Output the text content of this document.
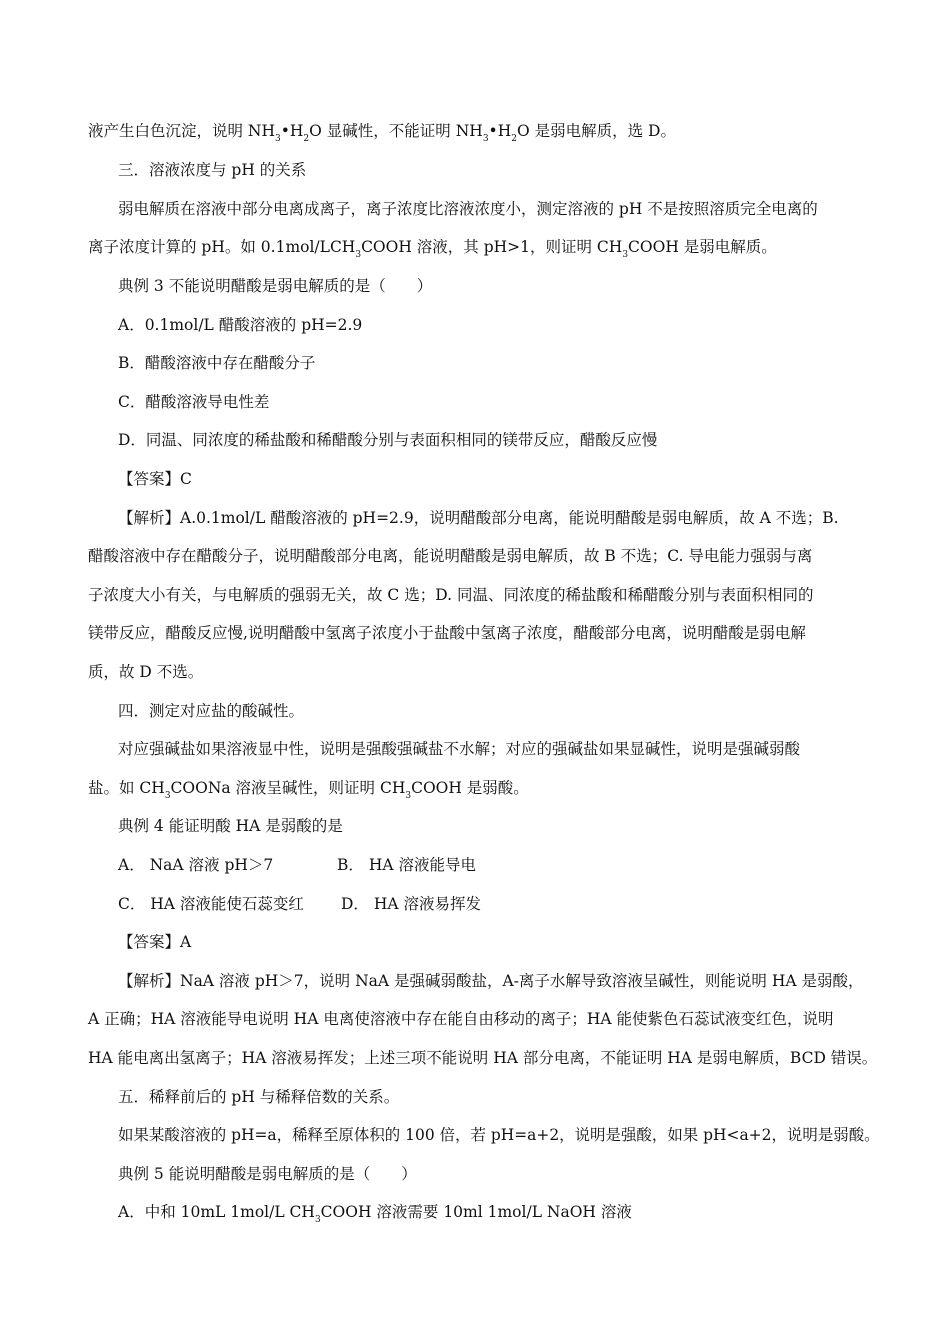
液产生白色沉淀，说明 $NH_3•H_2O$ 显碱性，不能证明 $NH_3•H_2O$ 是弱电解质，选 D。
三．溶液浓度与 pH 的关系
弱电解质在溶液中部分电离成离子，离子浓度比溶液浓度小，测定溶液的 pH 不是按照溶质完全电离的
离子浓度计算的 pH。如 $0.1mol/LCH_3COOH$ 溶液，其 pH>1，则证明 $CH_3COOH$ 是弱电解质。
典例 3 不能说明醋酸是弱电解质的是（　　）
A．0.1mol/L 醋酸溶液的 pH=2.9
B．醋酸溶液中存在醋酸分子
C．醋酸溶液导电性差
D．同温、同浓度的稀盐酸和稀醋酸分别与表面积相同的镁带反应，醋酸反应慢
【答案】C
【解析】A.0.1mol/L 醋酸溶液的 pH=2.9，说明醋酸部分电离，能说明醋酸是弱电解质，故 A 不选；B.
醋酸溶液中存在醋酸分子，说明醋酸部分电离，能说明醋酸是弱电解质，故 B 不选；C. 导电能力强弱与离
子浓度大小有关，与电解质的强弱无关，故 C 选；D. 同温、同浓度的稀盐酸和稀醋酸分别与表面积相同的
镁带反应，醋酸反应慢,说明醋酸中氢离子浓度小于盐酸中氢离子浓度，醋酸部分电离，说明醋酸是弱电解
质，故 D 不选。
四．测定对应盐的酸碱性。
对应强碱盐如果溶液显中性，说明是强酸强碱盐不水解；对应的强碱盐如果显碱性，说明是强碱弱酸
盐。如 $CH_3COONa$ 溶液呈碱性，则证明 $CH_3COOH$ 是弱酸。
典例 4 能证明酸 HA 是弱酸的是
A． NaA 溶液 pH＞7	B． HA 溶液能导电
C． HA 溶液能使石蕊变红 D． HA 溶液易挥发
【答案】A
【解析】NaA 溶液 pH＞7，说明 NaA 是强碱弱酸盐，A-离子水解导致溶液呈碱性，则能说明 HA 是弱酸，
A 正确；HA 溶液能导电说明 HA 电离使溶液中存在能自由移动的离子；HA 能使紫色石蕊试液变红色，说明
HA 能电离出氢离子；HA 溶液易挥发；上述三项不能说明 HA 部分电离，不能证明 HA 是弱电解质，BCD 错误。
五．稀释前后的 pH 与稀释倍数的关系。
如果某酸溶液的 pH=a，稀释至原体积的 100 倍，若 pH=a+2，说明是强酸，如果 pH<a+2，说明是弱酸。
典例 5 能说明醋酸是弱电解质的是（　　）
A．中和 10mL 1mol/L $CH_3COOH$ 溶液需要 10ml 1mol/L NaOH 溶液
